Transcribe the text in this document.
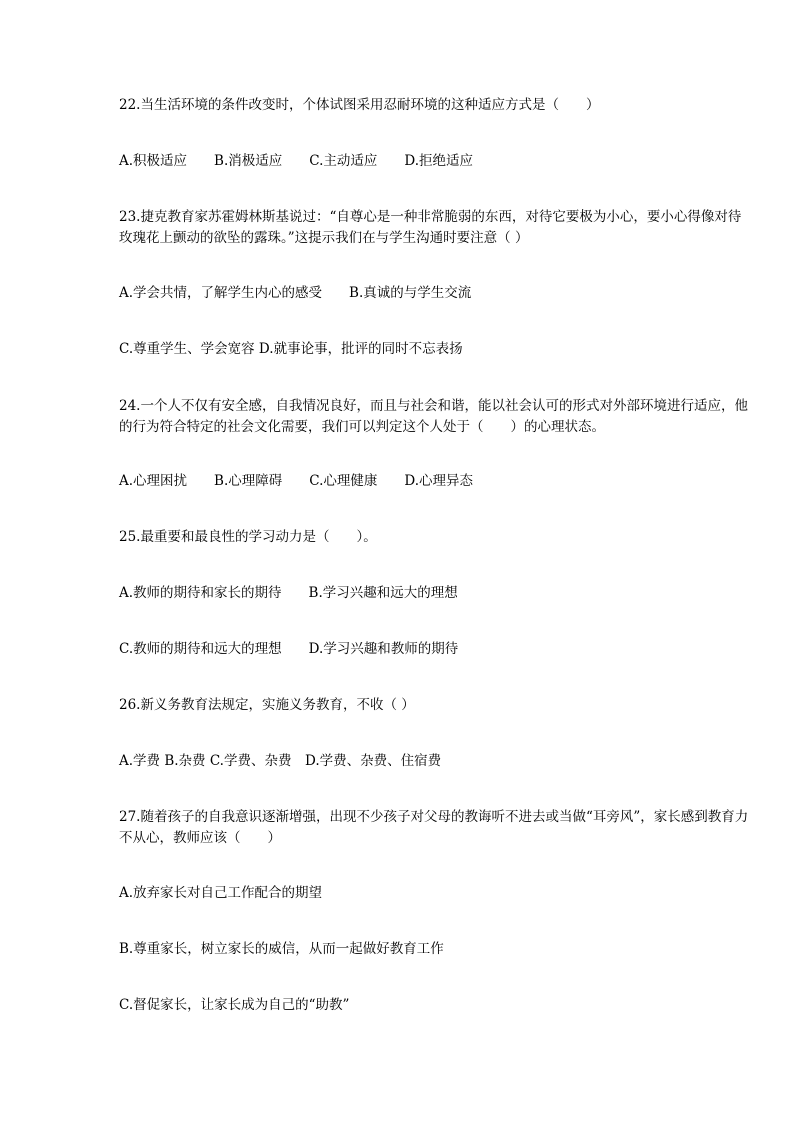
22.当生活环境的条件改变时，个体试图采用忍耐环境的这种适应方式是（　　）
A.积极适应　　B.消极适应　　C.主动适应　　D.拒绝适应
23.捷克教育家苏霍姆林斯基说过：“自尊心是一种非常脆弱的东西，对待它要极为小心，要小心得像对待玫瑰花上颤动的欲坠的露珠。”这提示我们在与学生沟通时要注意（ ）
A.学会共情，了解学生内心的感受　　B.真诚的与学生交流
C.尊重学生、学会宽容 D.就事论事，批评的同时不忘表扬
24.一个人不仅有安全感，自我情况良好，而且与社会和谐，能以社会认可的形式对外部环境进行适应，他的行为符合特定的社会文化需要，我们可以判定这个人处于（　　）的心理状态。
A.心理困扰　　B.心理障碍　　C.心理健康　　D.心理异态
25.最重要和最良性的学习动力是（　　）。
A.教师的期待和家长的期待　　B.学习兴趣和远大的理想
C.教师的期待和远大的理想　　D.学习兴趣和教师的期待
26.新义务教育法规定，实施义务教育，不收（ ）
A.学费 B.杂费 C.学费、杂费　D.学费、杂费、住宿费
27.随着孩子的自我意识逐渐增强，出现不少孩子对父母的教诲听不进去或当做“耳旁风”，家长感到教育力不从心，教师应该（　　）
A.放弃家长对自己工作配合的期望
B.尊重家长，树立家长的威信，从而一起做好教育工作
C.督促家长，让家长成为自己的“助教”
